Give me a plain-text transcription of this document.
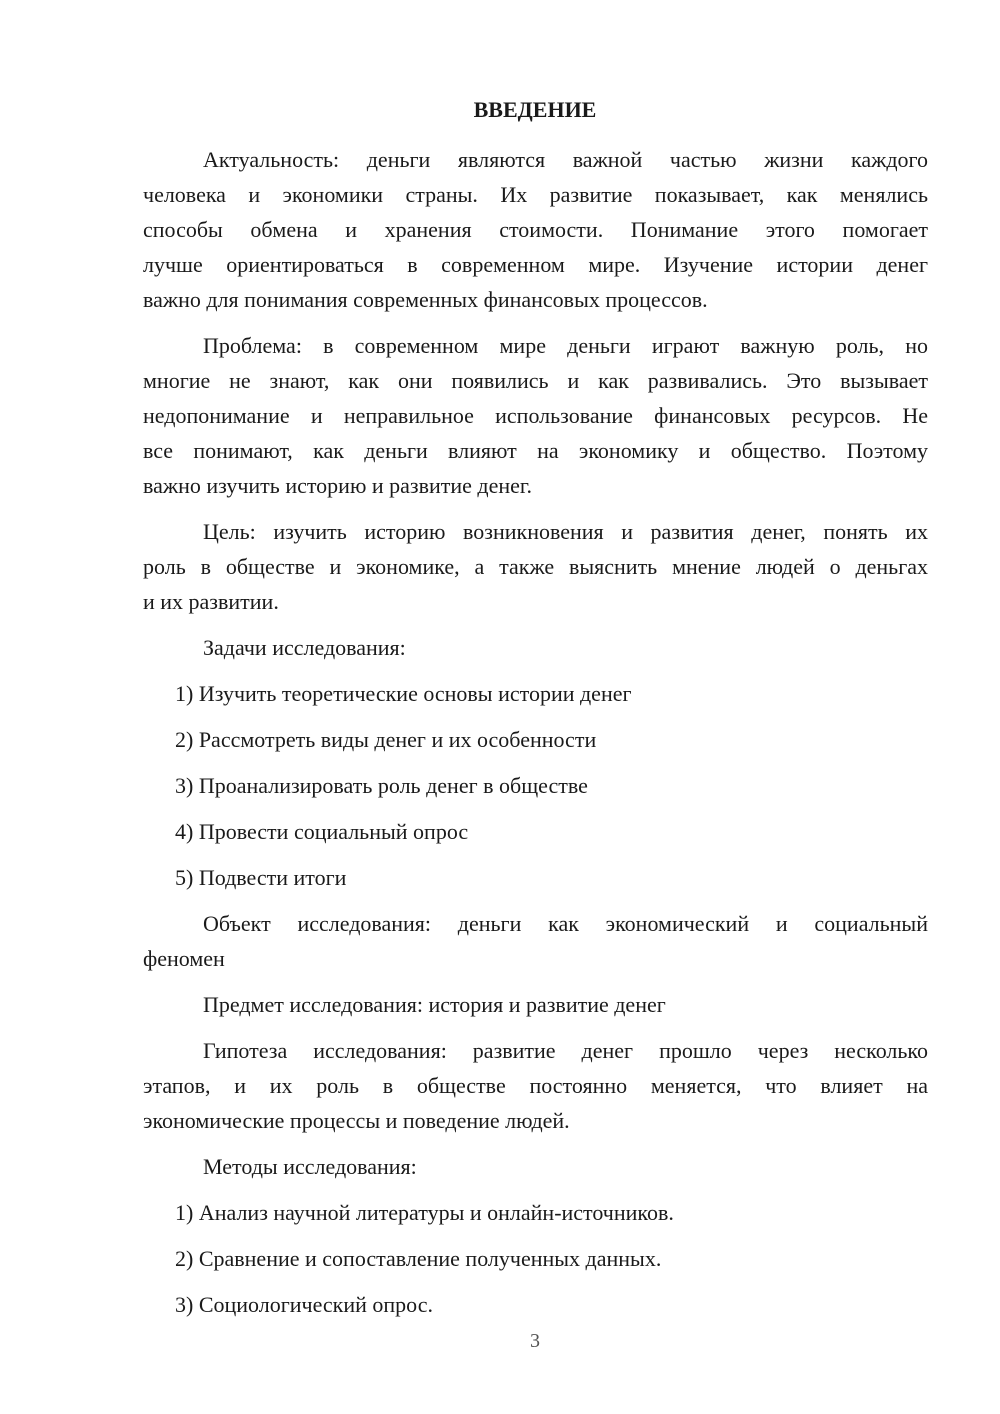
ВВЕДЕНИЕ
Актуальность: деньги являются важной частью жизни каждого
человека и экономики страны. Их развитие показывает, как менялись
способы обмена и хранения стоимости. Понимание этого помогает
лучше ориентироваться в современном мире. Изучение истории денег
важно для понимания современных финансовых процессов.
Проблема: в современном мире деньги играют важную роль, но
многие не знают, как они появились и как развивались. Это вызывает
недопонимание и неправильное использование финансовых ресурсов. Не
все понимают, как деньги влияют на экономику и общество. Поэтому
важно изучить историю и развитие денег.
Цель: изучить историю возникновения и развития денег, понять их
роль в обществе и экономике, а также выяснить мнение людей о деньгах
и их развитии.
Задачи исследования:
1) Изучить теоретические основы истории денег
2) Рассмотреть виды денег и их особенности
3) Проанализировать роль денег в обществе
4) Провести социальный опрос
5) Подвести итоги
Объект исследования: деньги как экономический и социальный
феномен
Предмет исследования: история и развитие денег
Гипотеза исследования: развитие денег прошло через несколько
этапов, и их роль в обществе постоянно меняется, что влияет на
экономические процессы и поведение людей.
Методы исследования:
1) Анализ научной литературы и онлайн-источников.
2) Сравнение и сопоставление полученных данных.
3) Социологический опрос.
3
